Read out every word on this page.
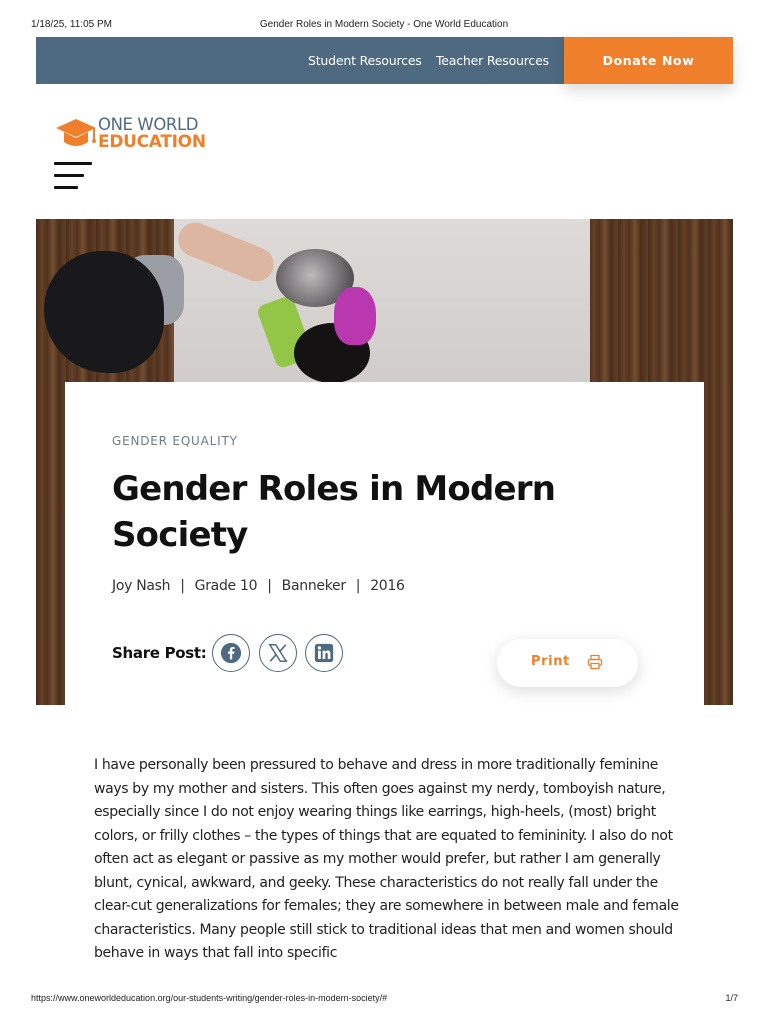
1/18/25, 11:05 PM	Gender Roles in Modern Society - One World Education
Student Resources Teacher Resources	Donate Now
ONE WORLD
EDUCATION
GENDER EQUALITY
Gender Roles in Modern Society
Joy Nash | Grade 10 | Banneker | 2016
Share Post:	Print

I have personally been pressured to behave and dress in more traditionally feminine ways by my mother and sisters. This often goes against my nerdy, tomboyish nature, especially since I do not enjoy wearing things like earrings, high-heels, (most) bright colors, or frilly clothes – the types of things that are equated to femininity. I also do not often act as elegant or passive as my mother would prefer, but rather I am generally blunt, cynical, awkward, and geeky. These characteristics do not really fall under the clear-cut generalizations for females; they are somewhere in between male and female characteristics. Many people still stick to traditional ideas that men and women should behave in ways that fall into specific

https://www.oneworldeducation.org/our-students-writing/gender-roles-in-modern-society/#	1/7
